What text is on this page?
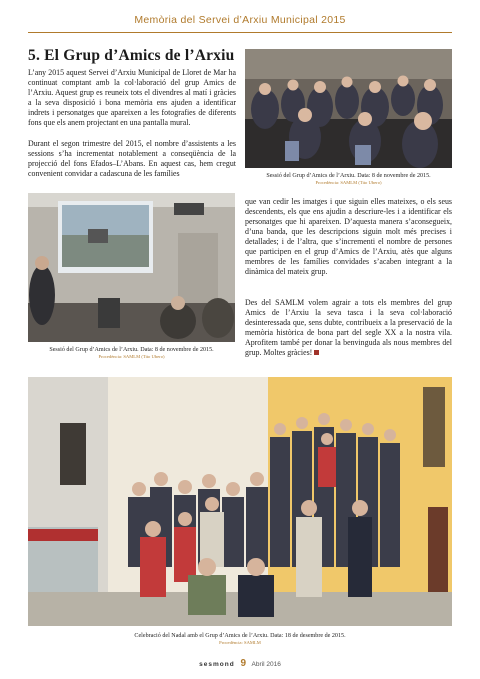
Memòria del Servei d’Arxiu Municipal 2015
5. El Grup d’Amics de l’Arxiu

L’any 2015 aquest Servei d’Arxiu Municipal de Lloret de Mar ha continuat comptant amb la col·laboració del grup Amics de l’Arxiu. Aquest grup es reuneix tots el divendres al matí i gràcies a la seva disposició i bona memòria ens ajuden a identificar indrets i personatges que apareixen a les fotografies de diferents fons que els anem projectant en una pantalla mural.

Durant el segon trimestre del 2015, el nombre d’assistents a les sessions s’ha incrementat notablement a conseqüència de la projecció del fons Efados–L’Abans. En aquest cas, hem cregut convenient convidar a cadascuna de les famílies	Sessió del Grup d’Amics de l’Arxiu. Data: 8 de novembre de 2015.
Procedència: SAMLM (Tito Ubero)
Sessió del Grup d’Amics de l’Arxiu. Data: 8 de novembre de 2015.
Procedència: SAMLM (Tito Ubero)

que van cedir les imatges i que siguin elles mateixes, o els seus descendents, els que ens ajudin a descriure-les i a identificar els personatges que hi apareixen. D’aquesta manera s’aconsegueix, d’una banda, que les descripcions siguin molt més precises i detallades; i de l’altra, que s’incrementi el nombre de persones que participen en el grup d’Amics de l’Arxiu, atès que alguns membres de les famílies convidades s’acaben integrant a la dinàmica del mateix grup.

Des del SAMLM volem agrair a tots els membres del grup Amics de l’Arxiu la seva tasca i la seva col·laboració desinteressada que, sens dubte, contribueix a la preservació de la memòria històrica de bona part del segle XX a la nostra vila. Aprofitem també per donar la benvinguda als nous membres del grup. Moltes gràcies!

Celebració del Nadal amb el Grup d’Amics de l’Arxiu. Data: 18 de desembre de 2015.
Procedència: SAMLM
sesmond 9 Abril 2016
